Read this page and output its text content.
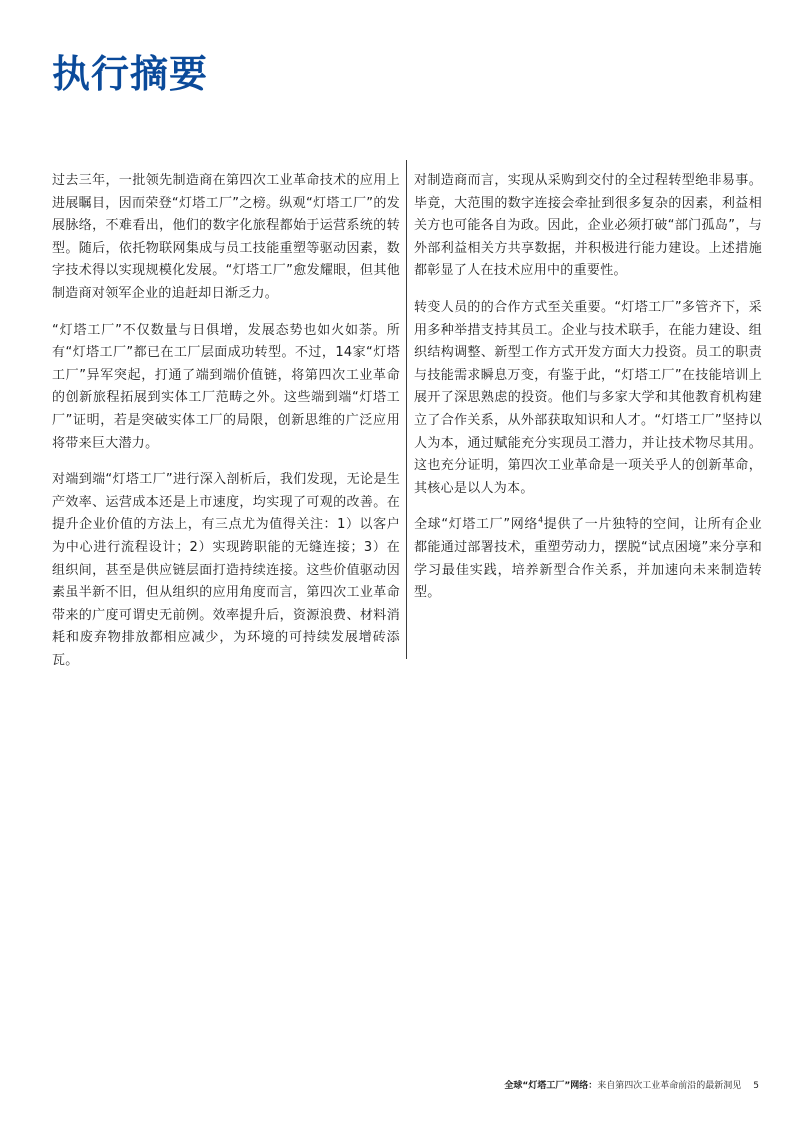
执行摘要

过去三年，一批领先制造商在第四次工业革命技术的应用上进展瞩目，因而荣登“灯塔工厂”之榜。纵观“灯塔工厂”的发展脉络，不难看出，他们的数字化旅程都始于运营系统的转型。随后，依托物联网集成与员工技能重塑等驱动因素，数字技术得以实现规模化发展。“灯塔工厂”愈发耀眼，但其他制造商对领军企业的追赶却日渐乏力。

“灯塔工厂”不仅数量与日俱增，发展态势也如火如荼。所有“灯塔工厂”都已在工厂层面成功转型。不过，14家“灯塔工厂”异军突起，打通了端到端价值链，将第四次工业革命的创新旅程拓展到实体工厂范畴之外。这些端到端“灯塔工厂”证明，若是突破实体工厂的局限，创新思维的广泛应用将带来巨大潜力。

对端到端“灯塔工厂”进行深入剖析后，我们发现，无论是生产效率、运营成本还是上市速度，均实现了可观的改善。在提升企业价值的方法上，有三点尤为值得关注：1）以客户为中心进行流程设计；2）实现跨职能的无缝连接；3）在组织间，甚至是供应链层面打造持续连接。这些价值驱动因素虽半新不旧，但从组织的应用角度而言，第四次工业革命带来的广度可谓史无前例。效率提升后，资源浪费、材料消耗和废弃物排放都相应减少，为环境的可持续发展增砖添瓦。

对制造商而言，实现从采购到交付的全过程转型绝非易事。毕竟，大范围的数字连接会牵扯到很多复杂的因素，利益相关方也可能各自为政。因此，企业必须打破“部门孤岛”，与外部利益相关方共享数据，并积极进行能力建设。上述措施都彰显了人在技术应用中的重要性。

转变人员的的合作方式至关重要。“灯塔工厂”多管齐下，采用多种举措支持其员工。企业与技术联手，在能力建设、组织结构调整、新型工作方式开发方面大力投资。员工的职责与技能需求瞬息万变，有鉴于此，“灯塔工厂”在技能培训上展开了深思熟虑的投资。他们与多家大学和其他教育机构建立了合作关系，从外部获取知识和人才。“灯塔工厂”坚持以人为本，通过赋能充分实现员工潜力，并让技术物尽其用。这也充分证明，第四次工业革命是一项关乎人的创新革命，其核心是以人为本。

全球“灯塔工厂”网络$^4$提供了一片独特的空间，让所有企业都能通过部署技术，重塑劳动力，摆脱“试点困境”来分享和学习最佳实践，培养新型合作关系，并加速向未来制造转型。

全球“灯塔工厂”网络：来自第四次工业革命前沿的最新洞见 5
